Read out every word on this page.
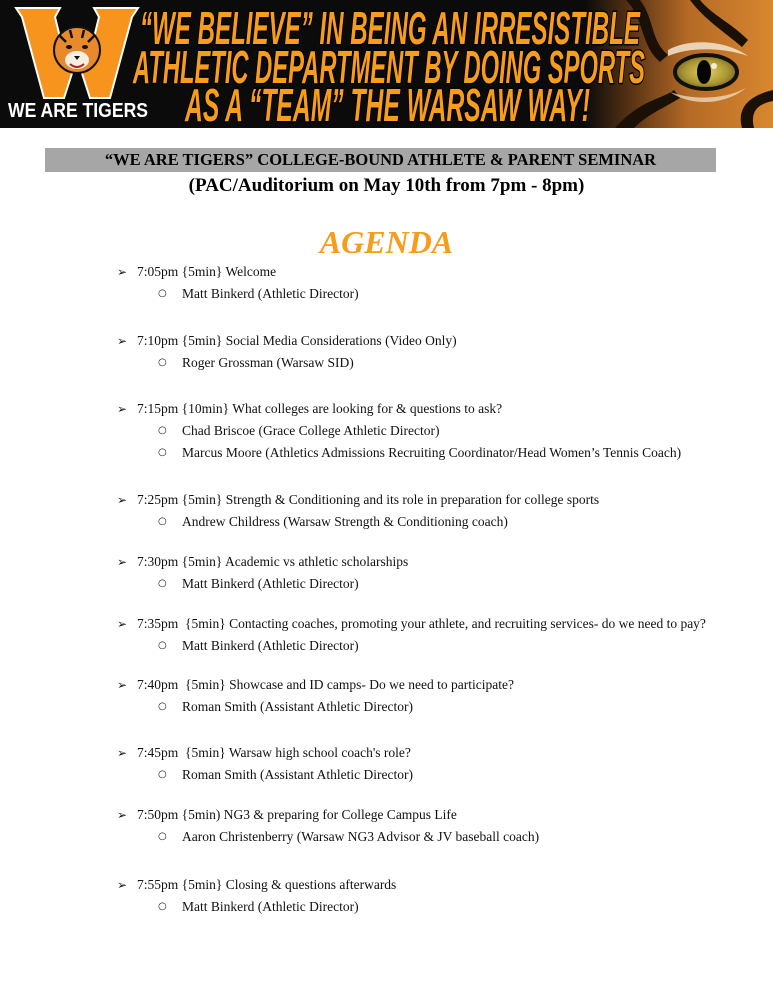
WE ARE TIGERS
“WE BELIEVE” IN BEING AN IRRESISTIBLE
ATHLETIC DEPARTMENT BY DOING SPORTS
AS A “TEAM” THE WARSAW WAY!
“WE ARE TIGERS” COLLEGE-BOUND ATHLETE & PARENT SEMINAR
(PAC/Auditorium on May 10th from 7pm - 8pm)
AGENDA
➢
7:05pm {5min} Welcome
○
Matt Binkerd (Athletic Director)
➢
7:10pm {5min} Social Media Considerations (Video Only)
○
Roger Grossman (Warsaw SID)
➢
7:15pm {10min} What colleges are looking for & questions to ask?
○
Chad Briscoe (Grace College Athletic Director)
○
Marcus Moore (Athletics Admissions Recruiting Coordinator/Head Women’s Tennis Coach)
➢
7:25pm {5min} Strength & Conditioning and its role in preparation for college sports
○
Andrew Childress (Warsaw Strength & Conditioning coach)
➢
7:30pm {5min} Academic vs athletic scholarships
○
Matt Binkerd (Athletic Director)
➢
7:35pm  {5min} Contacting coaches, promoting your athlete, and recruiting services- do we need to pay?
○
Matt Binkerd (Athletic Director)
➢
7:40pm  {5min} Showcase and ID camps- Do we need to participate?
○
Roman Smith (Assistant Athletic Director)
➢
7:45pm  {5min} Warsaw high school coach's role?
○
Roman Smith (Assistant Athletic Director)
➢
7:50pm {5min) NG3 & preparing for College Campus Life
○
Aaron Christenberry (Warsaw NG3 Advisor & JV baseball coach)
➢
7:55pm {5min} Closing & questions afterwards
○
Matt Binkerd (Athletic Director)
